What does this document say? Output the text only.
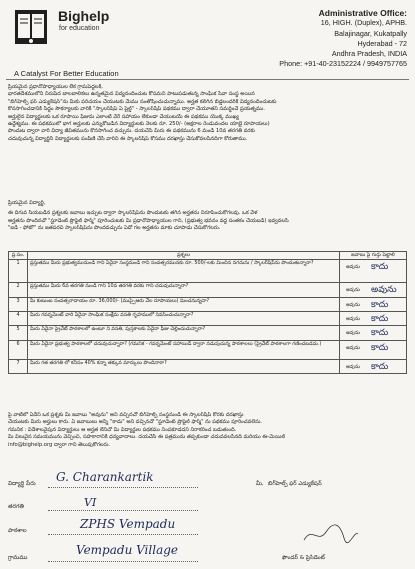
Bighelp
for education
A Catalyst For Better Education
Administrative Office:
16, HIGH. (Duplex), APHB.
Balajinagar, Kukatpally
Hyderabad - 72
Andhra Pradesh, INDIA
Phone: +91-40-23152224 / 9949757765
ప్రియమైన ప్రధానోపాధ్యాయుల లేక గ్రామపెద్దలకి,
భారతదేశములోని నిరుపేద బాలబాలికలు ఉన్నతమైన విద్యనందించుట కోసమని పాటుపడుతున్న సాంఘిక సేవా సంస్థ అయిన
"బిగ్‌హెల్ప్ ఫర్ ఎడ్యుకేషన్"ను మీకు పరిచయం చేయుటకు మేము సంతోషించుచున్నాము. అర్హత కలిగిన బిడ్డలందరికీ విద్యనందించుటకు
కొనసాగించడానికి సిద్ధం సౌకర్యాలకు వారికి "స్కాలర్‌షిప్ ఏ షైల్డ్" - స్కాలర్‌షిప్ పథకము ద్వారా చేయూతని సమర్థించే ప్రయత్నము.
అర్హులైన విద్యార్థులకు ఒక రూపాయి ఫీజును ఎలాంటి వేరే సహాయం లేకుండా చేయుటయే ఈ పథకము యొక్క ముఖ్య
ఉద్దేశ్యము. ఈ పథకములో భాగ అర్హులకు ఎన్నుకోబడిన విద్యార్థులకు నెలకు రూ. 250/- (అక్షరాల రెండువందల యాభై రూపాయలు)
పొందుట ద్వారా వారి విద్యా జీవితమును కొనసాగించ వచ్చును. దయచేసి మీరు ఈ పథకమును 6 మండి 10వ తరగతి వరకు
చదువుచున్న విద్యార్థినీ విద్యార్థులకు పంపిణీ చేసి వారిని ఈ స్కాలర్‌షిప్ కోసము దరఖాస్తు చేసుకోవలసినదిగా కోరుతాము.
ప్రియమైన విద్యార్థి,
ఈ దిగువ సీయబడిన ప్రశ్నలకు జవాబు ఇచ్చుట ద్వారా స్కాలర్‌షిప్‌ను పొందుటకు తగిన అర్హతను నిరూపించుకోగలవు. ఒక వేళ
అర్హతను పొందినచో "స్టూడెంట్ ప్రొఫైల్ ఫార్మ్" పూరించుటకు మీ ప్రధానోపాధ్యాయుల గాని, (ప్రభుత్వ భవనం వద్ద సంతకం చేయబడి) ఇవ్వవలసి
"ఐడి - ఫోటో" ను జతపరచి స్కాలర్‌షిప్‌ను పొందవచ్చును ఏదో గల అర్హతను మాకు చూపాడు చేసుకోగలరు.
ప్ర.సం.	ప్రశ్నలు	జవాబు పై గుర్తు పెట్టాలి
1	ప్రస్తుతము మీరు ప్రభుత్వమునుండి గాని ఏదైనా సంస్థనుండి గాని సంవత్సరమునకు రూ. 500/-లకు మించిన నగదును / స్కాలర్‌షిప్‌ను పొందుతున్నారా?	అవును కాదు

2	ప్రస్తుతము మీరు 6వ తరగతి నుండి గాని 10వ తరగతి వరకు గాని చదువుచున్నారా?	అవును అవును

3	మీ కుటుంబ సంవత్సరాదాయం రూ. 36,000/- (ముప్పైఆరు వేల రూపాయలు) మించనున్నదా?	అవును కాదు

4	మీరు గవర్నమెంట్ వారి ఏదైనా సాంఘిక సంక్షేమ వసతి గృహములో నివసించుచున్నారా?	అవును కాదు

5	మీరు ఏదైనా ప్రైవేట్ పాఠశాలలో ఉంటూ ని వసతి, పుస్తకాలకు ఏదైనా ఫీజు చెల్లించుచున్నారా?	అవును కాదు

6	మీరు ఏదైనా ప్రభుత్వ పాఠశాలలో చదువుచున్నారా? (గమనిక - గవర్నమెంట్ సహాయిడ్ ద్వారా నడుపుచున్న పాఠశాలలు (ప్రైవేట్ పాఠశాలగా గణించబడదు.)	అవును కాదు

7	మీరు గత తరగతి లో కనీసం 40% కన్నా తక్కువ మార్కులు పొందినారా?	అవును కాదు
పై వాటిలో ఏదేని ఒక ప్రశ్నకు మీ జవాబు "అవును" అని వచ్చినచో బిగ్‌హెల్ప్ సంస్థనుండి ఈ స్కాలర్‌షిప్ కొరకు దరఖాస్తు
చేయుటకు మీరు అర్హులు కారు. ఏ జవాబులు అన్నీ "కాదు" అని వచ్చినచో "స్టూడెంట్ ప్రొఫైల్ ఫార్మ్" ను పథకము పూరించవలెను.
గమనిక : విదేశాలవైపున విద్యార్థులు ఆ అర్హత లేనిచో మీ విద్యార్థుల పథకము నింపకూడదని నిరాకరించ బడుతుంది.
మీ విలువైన సమయమును వెచ్చించి, సహకారానికి ధన్యవాదాలు. దయచేసి ఈ పత్రమును తప్పకుండా చదువవలసినది మరియు ఈ-మెయిల్
info@bighelp.org ద్వారా గాని తెలుపుకోగలరు.
విద్యార్థి పేరు G. Charankartik
తరగతి	VI
పాఠశాల	ZPHS Vempadu
గ్రామము
Vempadu Village
మీ, బిగ్‌హెల్ప్ ఫర్ ఎడ్యుకేషన్
ఫౌండర్ & ప్రెసిడెంట్
